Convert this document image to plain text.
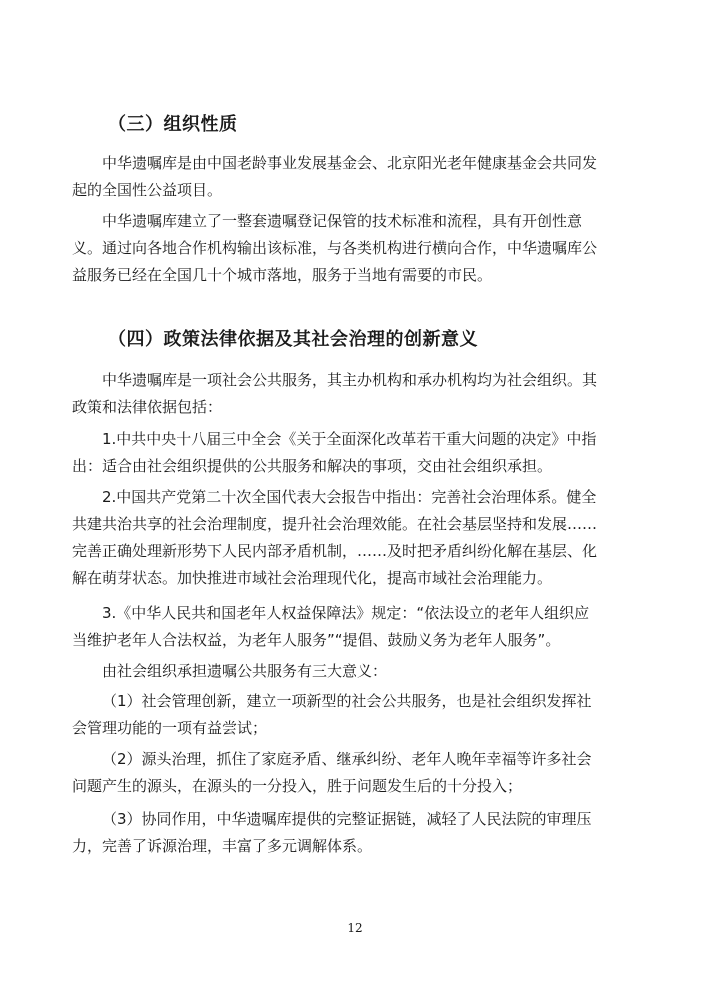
（三）组织性质
中华遗嘱库是由中国老龄事业发展基金会、北京阳光老年健康基金会共同发
起的全国性公益项目。
中华遗嘱库建立了一整套遗嘱登记保管的技术标准和流程，具有开创性意
义。通过向各地合作机构输出该标准，与各类机构进行横向合作，中华遗嘱库公
益服务已经在全国几十个城市落地，服务于当地有需要的市民。
（四）政策法律依据及其社会治理的创新意义
中华遗嘱库是一项社会公共服务，其主办机构和承办机构均为社会组织。其
政策和法律依据包括：
1.中共中央十八届三中全会《关于全面深化改革若干重大问题的决定》中指
出：适合由社会组织提供的公共服务和解决的事项，交由社会组织承担。
2.中国共产党第二十次全国代表大会报告中指出：完善社会治理体系。健全
共建共治共享的社会治理制度，提升社会治理效能。在社会基层坚持和发展……
完善正确处理新形势下人民内部矛盾机制，……及时把矛盾纠纷化解在基层、化
解在萌芽状态。加快推进市域社会治理现代化，提高市域社会治理能力。
3.《中华人民共和国老年人权益保障法》规定：“依法设立的老年人组织应
当维护老年人合法权益，为老年人服务”“提倡、鼓励义务为老年人服务”。
由社会组织承担遗嘱公共服务有三大意义：
（1）社会管理创新，建立一项新型的社会公共服务，也是社会组织发挥社
会管理功能的一项有益尝试；
（2）源头治理，抓住了家庭矛盾、继承纠纷、老年人晚年幸福等许多社会
问题产生的源头，在源头的一分投入，胜于问题发生后的十分投入；
（3）协同作用，中华遗嘱库提供的完整证据链，减轻了人民法院的审理压
力，完善了诉源治理，丰富了多元调解体系。
12
